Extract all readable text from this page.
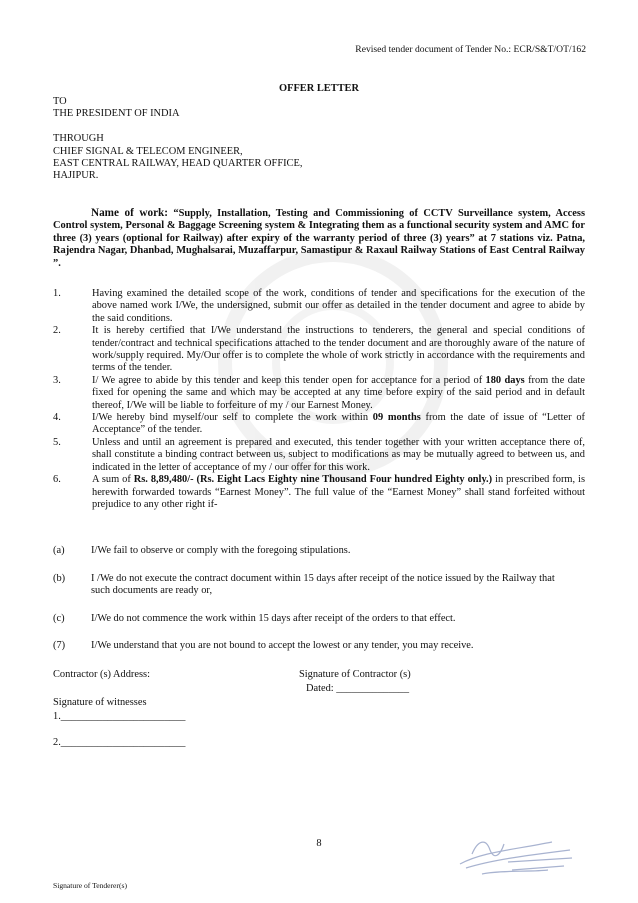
Revised tender document of Tender No.: ECR/S&T/OT/162
OFFER LETTER
TO
THE PRESIDENT OF INDIA
THROUGH
CHIEF SIGNAL & TELECOM ENGINEER,
EAST CENTRAL RAILWAY, HEAD QUARTER OFFICE,
HAJIPUR.
Name of work: “Supply, Installation, Testing and Commissioning of CCTV Surveillance system, Access Control system, Personal & Baggage Screening system & Integrating them as a functional security system and AMC for three (3) years (optional for Railway) after expiry of the warranty period of three (3) years” at 7 stations viz. Patna, Rajendra Nagar, Dhanbad, Mughalsarai, Muzaffarpur, Samastipur & Raxaul Railway Stations of East Central Railway ”.
1.	Having examined the detailed scope of the work, conditions of tender and specifications for the execution of the above named work I/We, the undersigned, submit our offer as detailed in the tender document and agree to abide by the said conditions.
2.	It is hereby certified that I/We understand the instructions to tenderers, the general and special conditions of tender/contract and technical specifications attached to the tender document and are thoroughly aware of the nature of work/supply required. My/Our offer is to complete the whole of work strictly in accordance with the requirements and terms of the tender.
3.	I/ We agree to abide by this tender and keep this tender open for acceptance for a period of 180 days from the date fixed for opening the same and which may be accepted at any time before expiry of the said period and in default thereof, I/We will be liable to forfeiture of my / our Earnest Money.
4.	I/We hereby bind myself/our self to complete the work within 09 months from the date of issue of “Letter of Acceptance” of the tender.
5.	Unless and until an agreement is prepared and executed, this tender together with your written acceptance there of, shall constitute a binding contract between us, subject to modifications as may be mutually agreed to between us, and indicated in the letter of acceptance of my / our offer for this work.
6.	A sum of Rs. 8,89,480/- (Rs. Eight Lacs Eighty nine Thousand Four hundred Eighty only.) in prescribed form, is herewith forwarded towards “Earnest Money”. The full value of the “Earnest Money” shall stand forfeited without prejudice to any other right if-
(a)	I/We fail to observe or comply with the foregoing stipulations.
(b)	I /We do not execute the contract document within 15 days after receipt of the notice issued by the Railway that such documents are ready or,
(c)	I/We do not commence the work within 15 days after receipt of the orders to that effect.
(7)	I/We understand that you are not bound to accept the lowest or any tender, you may receive.
Contractor (s) Address:	Signature of Contractor (s)
Dated: ______________
Signature of witnesses
1.________________________
2.________________________
8
Signature of Tenderer(s)
